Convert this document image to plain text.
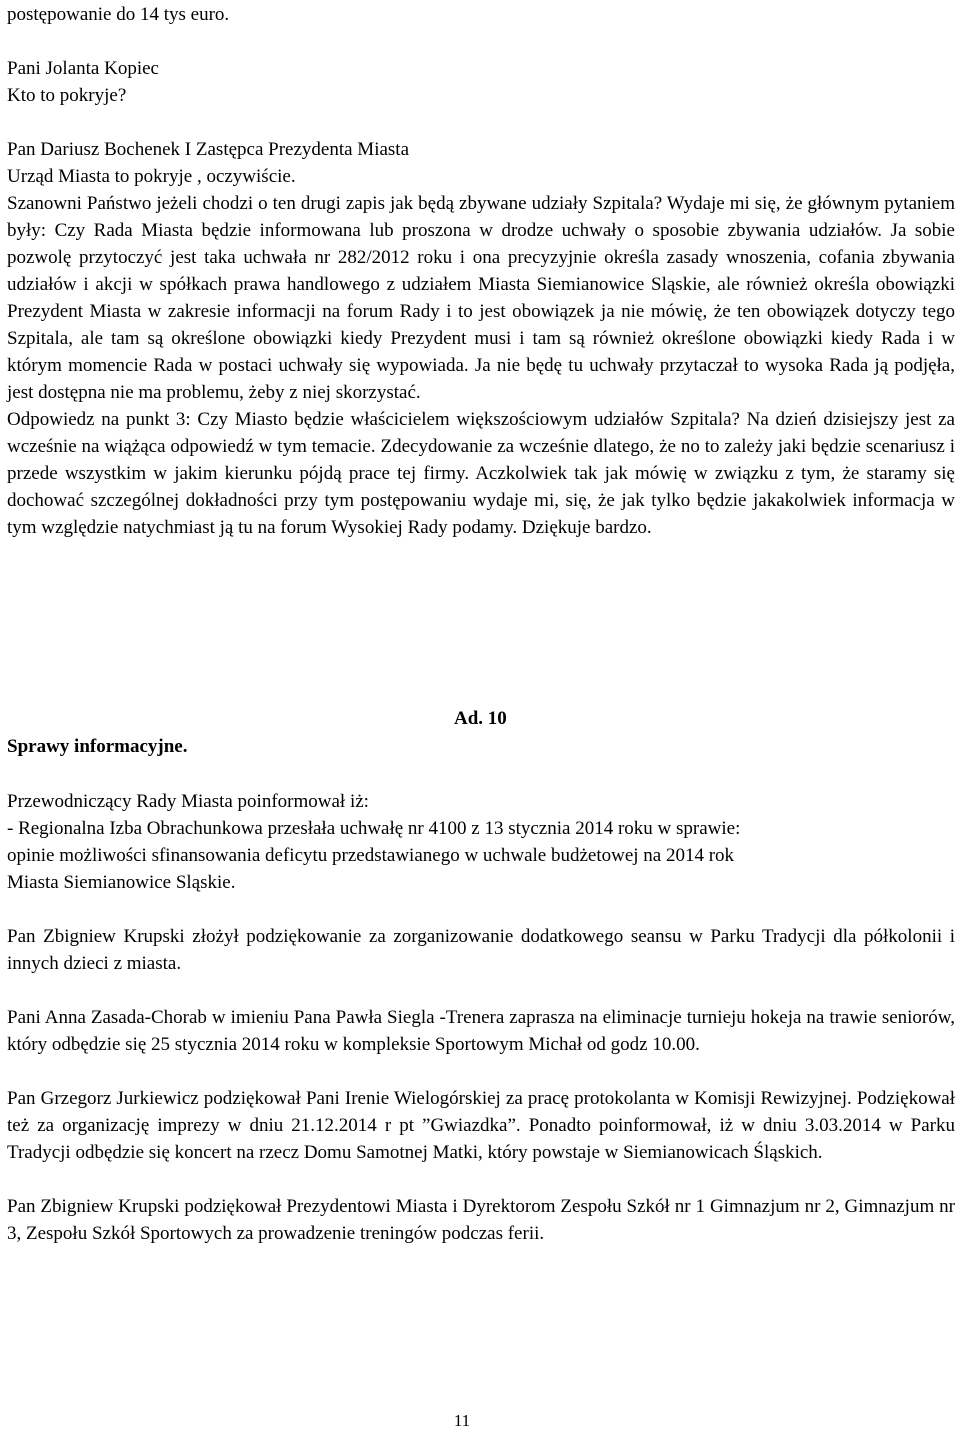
postępowanie do 14 tys euro.

Pani Jolanta Kopiec

Kto to pokryje?

Pan Dariusz Bochenek I Zastępca Prezydenta Miasta

Urząd Miasta to pokryje , oczywiście.

Szanowni Państwo jeżeli chodzi o ten drugi zapis jak będą zbywane udziały Szpitala? Wydaje mi się, że głównym pytaniem były: Czy Rada Miasta będzie informowana lub proszona w drodze uchwały o sposobie zbywania udziałów. Ja sobie pozwolę przytoczyć jest taka uchwała nr 282/2012 roku i ona precyzyjnie określa zasady wnoszenia, cofania zbywania udziałów i akcji w spółkach prawa handlowego z udziałem Miasta Siemianowice Sląskie, ale również określa obowiązki Prezydent Miasta w zakresie informacji na forum Rady i to jest obowiązek ja nie mówię, że ten obowiązek dotyczy tego Szpitala, ale tam są określone obowiązki kiedy Prezydent musi i tam są również określone obowiązki kiedy Rada i w którym momencie Rada w postaci uchwały się wypowiada. Ja nie będę tu uchwały przytaczał to wysoka Rada ją podjęła, jest dostępna nie ma problemu, żeby z niej skorzystać.

Odpowiedz na punkt 3: Czy Miasto będzie właścicielem większościowym udziałów Szpitala? Na dzień dzisiejszy jest za wcześnie na wiążąca odpowiedź w tym temacie. Zdecydowanie za wcześnie dlatego, że no to zależy jaki będzie scenariusz i przede wszystkim w jakim kierunku pójdą prace tej firmy. Aczkolwiek tak jak mówię w związku z tym, że staramy się dochować szczególnej dokładności przy tym postępowaniu wydaje mi, się, że jak tylko będzie jakakolwiek informacja w tym względzie natychmiast ją tu na forum Wysokiej Rady podamy. Dziękuje bardzo.

Ad. 10
Sprawy informacyjne.

Przewodniczący Rady Miasta poinformował iż:

- Regionalna Izba Obrachunkowa przesłała uchwałę nr 4100 z 13 stycznia 2014 roku w sprawie:

opinie możliwości sfinansowania deficytu przedstawianego w uchwale budżetowej na 2014 rok

Miasta Siemianowice Sląskie.

Pan Zbigniew Krupski złożył podziękowanie za zorganizowanie dodatkowego seansu w Parku Tradycji dla półkolonii i innych dzieci z miasta.

Pani Anna Zasada-Chorab w imieniu Pana Pawła Siegla -Trenera zaprasza na eliminacje turnieju hokeja na trawie seniorów, który odbędzie się 25 stycznia 2014 roku w kompleksie Sportowym Michał od godz 10.00.

Pan Grzegorz Jurkiewicz podziękował Pani Irenie Wielogórskiej za pracę protokolanta w Komisji Rewizyjnej. Podziękował też za organizację imprezy w dniu 21.12.2014 r pt ”Gwiazdka”. Ponadto poinformował, iż w dniu 3.03.2014 w Parku Tradycji odbędzie się koncert na rzecz Domu Samotnej Matki, który powstaje w Siemianowicach Śląskich.

Pan Zbigniew Krupski podziękował Prezydentowi Miasta i Dyrektorom Zespołu Szkół nr 1 Gimnazjum nr 2, Gimnazjum nr 3, Zespołu Szkół Sportowych za prowadzenie treningów podczas ferii.

11
